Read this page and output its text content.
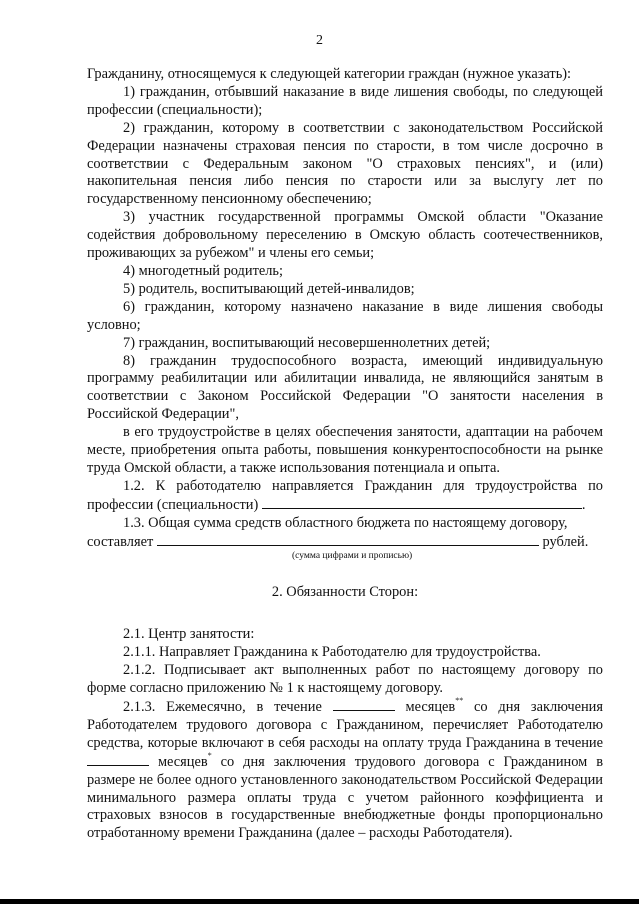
2

Гражданину, относящемуся к следующей категории граждан (нужное указать):

1) гражданин, отбывший наказание в виде лишения свободы, по следующей профессии (специальности);

2) гражданин, которому в соответствии с законодательством Российской Федерации назначены страховая пенсия по старости, в том числе досрочно в соответствии с Федеральным законом "О страховых пенсиях", и (или) накопительная пенсия либо пенсия по старости или за выслугу лет по государственному пенсионному обеспечению;

3) участник государственной программы Омской области "Оказание содействия добровольному переселению в Омскую область соотечественников, проживающих за рубежом" и члены его семьи;

4) многодетный родитель;

5) родитель, воспитывающий детей-инвалидов;

6) гражданин, которому назначено наказание в виде лишения свободы условно;

7) гражданин, воспитывающий несовершеннолетних детей;

8) гражданин трудоспособного возраста, имеющий индивидуальную программу реабилитации или абилитации инвалида, не являющийся занятым в соответствии с Законом Российской Федерации "О занятости населения в Российской Федерации",

в его трудоустройстве в целях обеспечения занятости, адаптации на рабочем месте, приобретения опыта работы, повышения конкурентоспособности на рынке труда Омской области, а также использования потенциала и опыта.

1.2. К работодателю направляется Гражданин для трудоустройства по профессии (специальности)	.

1.3. Общая сумма средств областного бюджета по настоящему договору,

составляет	рублей.

(сумма цифрами и прописью)
2. Обязанности Сторон:

2.1. Центр занятости:

2.1.1. Направляет Гражданина к Работодателю для трудоустройства.

2.1.2. Подписывает акт выполненных работ по настоящему договору по форме согласно приложению № 1 к настоящему договору.

2.1.3. Ежемесячно, в течение	месяцев** со дня заключения Работодателем трудового договора с Гражданином, перечисляет Работодателю средства, которые включают в себя расходы на оплату труда Гражданина в течение  месяцев* со дня заключения трудового договора с Гражданином в размере не более одного установленного законодательством Российской Федерации минимального размера оплаты труда с учетом районного коэффициента и страховых взносов в государственные внебюджетные фонды пропорционально отработанному времени Гражданина (далее – расходы Работодателя).
